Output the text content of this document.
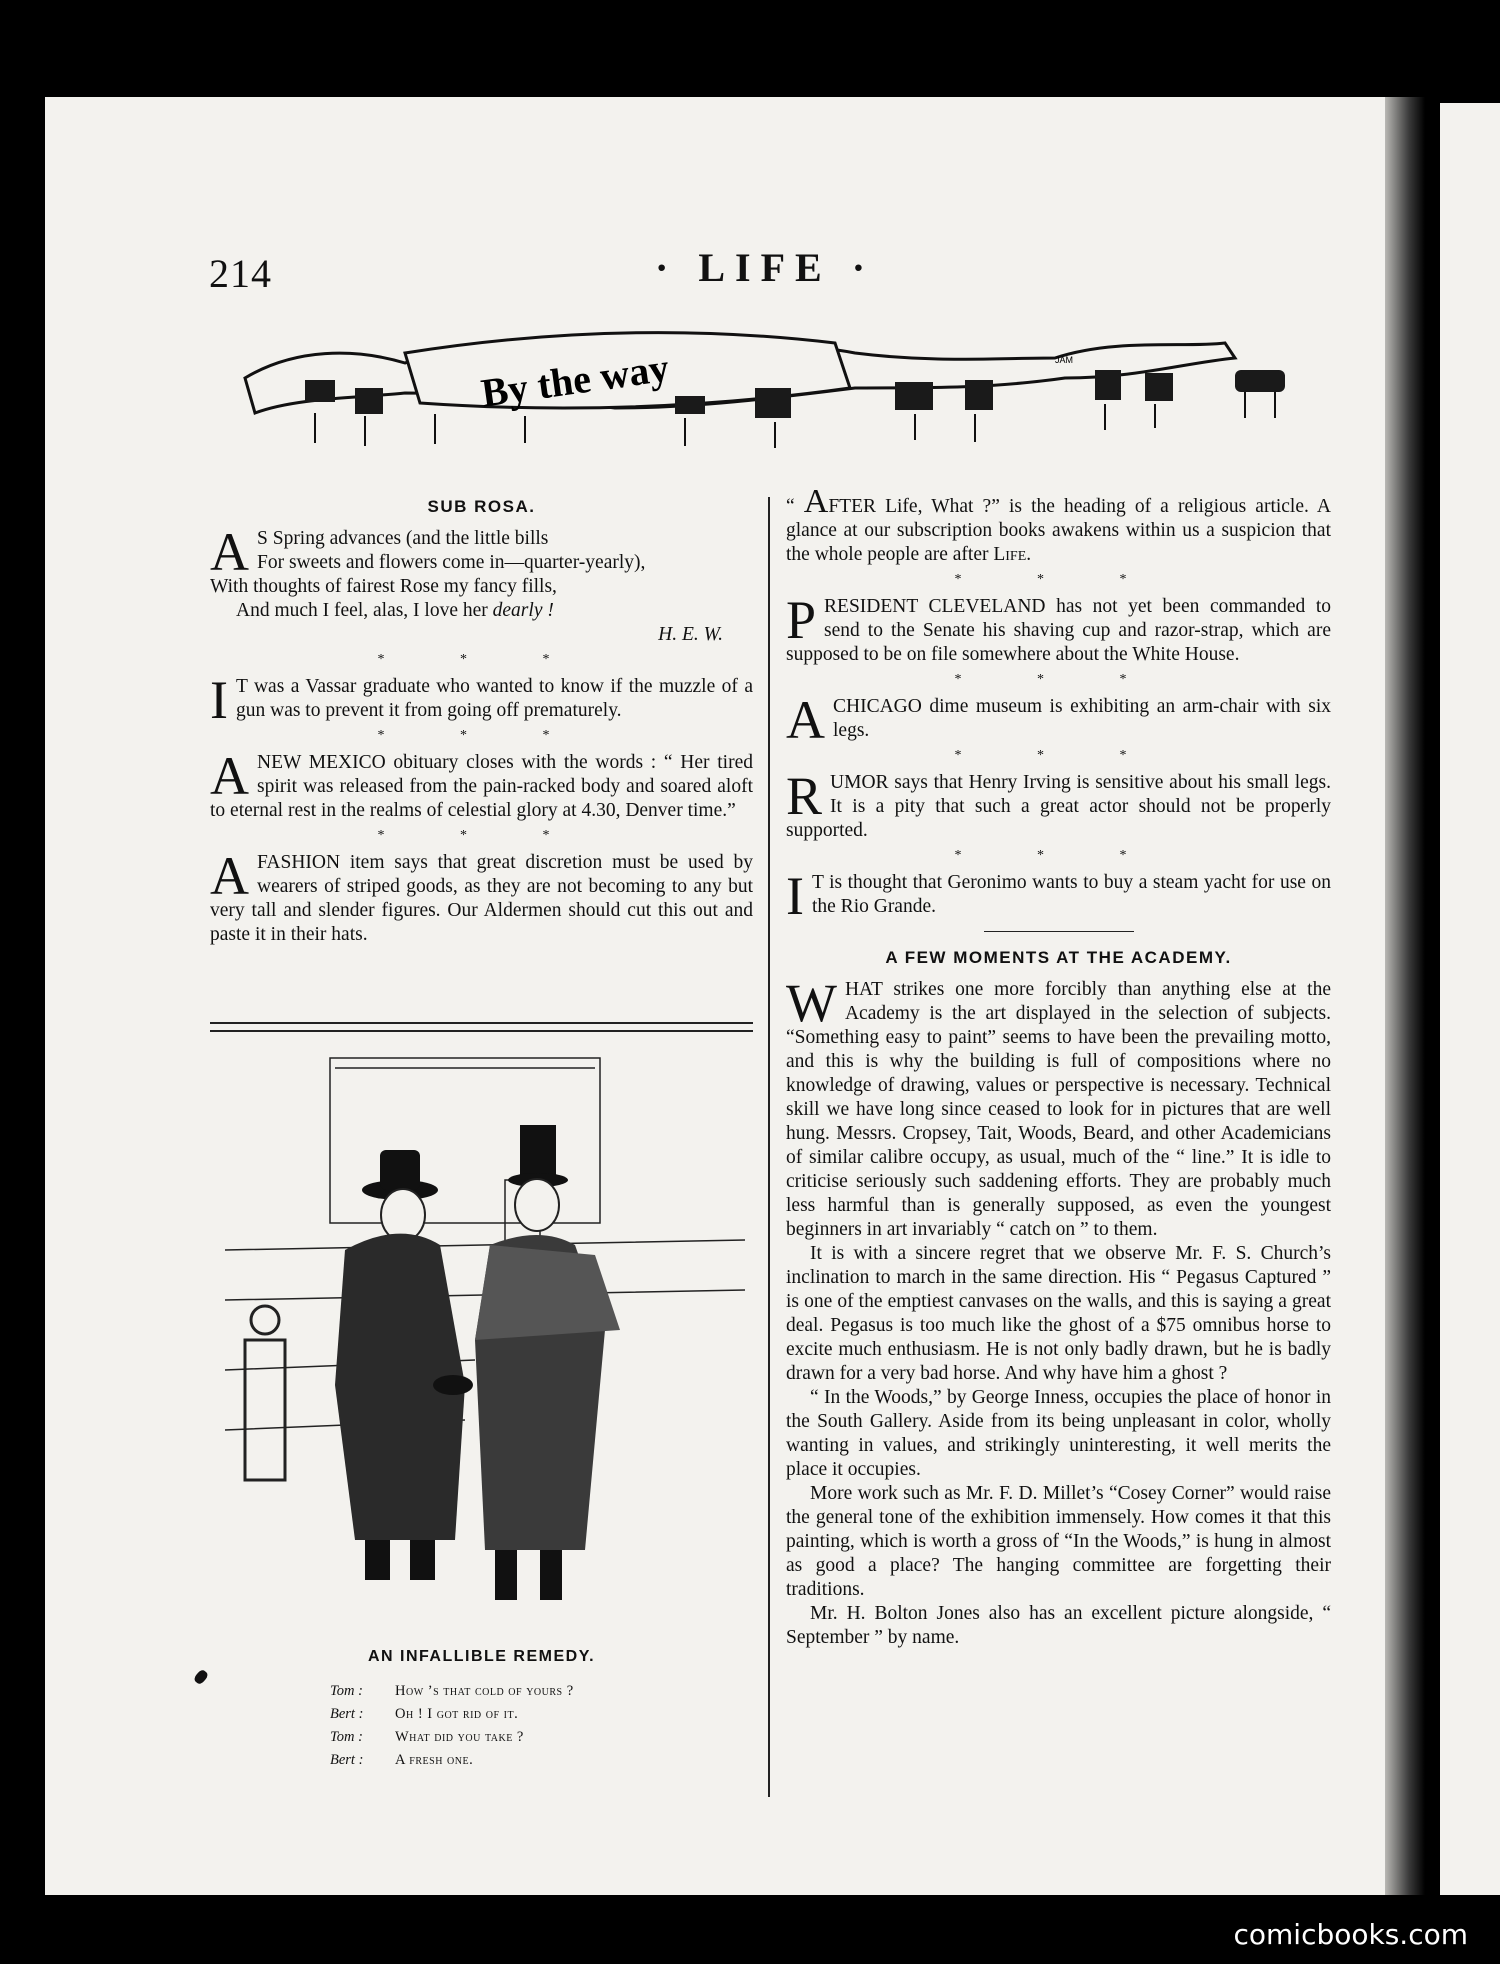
214	· LIFE ·
By the way	JAM
SUB ROSA.
A S Spring advances (and the little bills
For sweets and flowers come in—quarter-yearly),
With thoughts of fairest Rose my fancy fills,
And much I feel, alas, I love her dearly !
H. E. W.
* * *

I T was a Vassar graduate who wanted to know if the muzzle of a gun was to prevent it from going off prematurely.

* * *

A NEW MEXICO obituary closes with the words : “ Her tired spirit was released from the pain-racked body and soared aloft to eternal rest in the realms of celestial glory at 4.30, Denver time.”

* * *

A FASHION item says that great discretion must be used by wearers of striped goods, as they are not becoming to any but very tall and slender figures. Our Aldermen should cut this out and paste it in their hats.

AN INFALLIBLE REMEDY.
Tom :	How ’s that cold of yours ?
Bert :	Oh ! I got rid of it.
Tom :	What did you take ?
Bert :	A fresh one.

“ AFTER Life, What ?” is the heading of a religious article. A glance at our subscription books awakens within us a suspicion that the whole people are after Life.

* * *

PRESIDENT CLEVELAND has not yet been commanded to send to the Senate his shaving cup and razor-strap, which are supposed to be on file somewhere about the White House.

* * *

A CHICAGO dime museum is exhibiting an arm-chair with six legs.

* * *

RUMOR says that Henry Irving is sensitive about his small legs. It is a pity that such a great actor should not be properly supported.

* * *

I T is thought that Geronimo wants to buy a steam yacht for use on the Rio Grande.

A FEW MOMENTS AT THE ACADEMY.

WHAT strikes one more forcibly than anything else at the Academy is the art displayed in the selection of subjects. “Something easy to paint” seems to have been the prevailing motto, and this is why the building is full of compositions where no knowledge of drawing, values or perspective is necessary. Technical skill we have long since ceased to look for in pictures that are well hung. Messrs. Cropsey, Tait, Woods, Beard, and other Academicians of similar calibre occupy, as usual, much of the “ line.” It is idle to criticise seriously such saddening efforts. They are probably much less harmful than is generally supposed, as even the youngest beginners in art invariably “ catch on ” to them.

It is with a sincere regret that we observe Mr. F. S. Church’s inclination to march in the same direction. His “ Pegasus Captured ” is one of the emptiest canvases on the walls, and this is saying a great deal. Pegasus is too much like the ghost of a $75 omnibus horse to excite much enthusiasm. He is not only badly drawn, but he is badly drawn for a very bad horse. And why have him a ghost ?

“ In the Woods,” by George Inness, occupies the place of honor in the South Gallery. Aside from its being unpleasant in color, wholly wanting in values, and strikingly uninteresting, it well merits the place it occupies.

More work such as Mr. F. D. Millet’s “Cosey Corner” would raise the general tone of the exhibition immensely. How comes it that this painting, which is worth a gross of “In the Woods,” is hung in almost as good a place? The hanging committee are forgetting their traditions.

Mr. H. Bolton Jones also has an excellent picture alongside, “ September ” by name.

comicbooks.com
